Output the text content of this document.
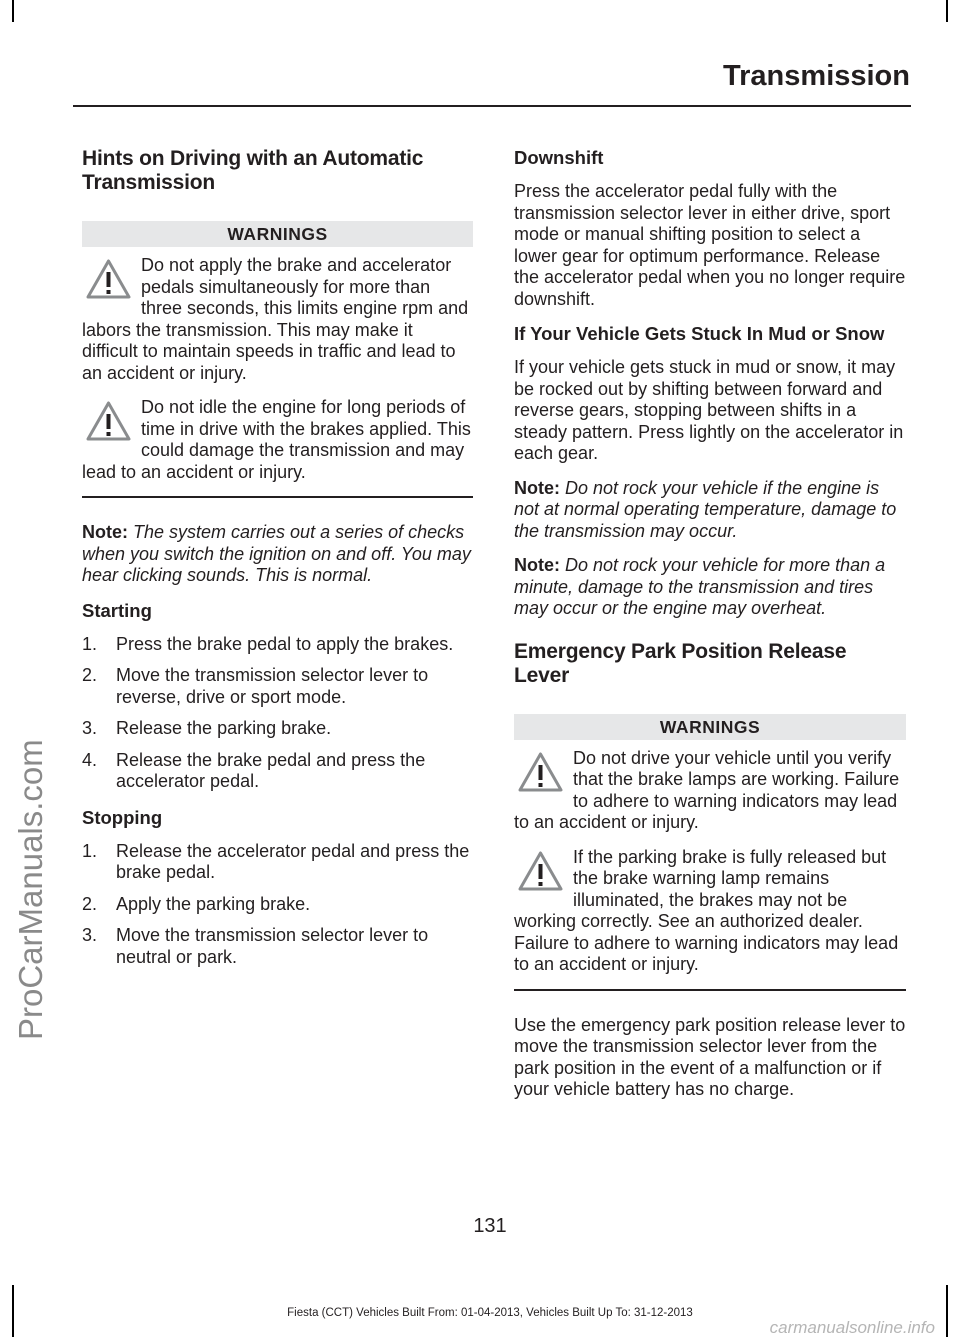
ProCarManuals.com
Transmission
Hints on Driving with an Automatic Transmission
WARNINGS
Do not apply the brake and accelerator pedals simultaneously for more than three seconds, this limits engine rpm and labors the transmission. This may make it difficult to maintain speeds in traffic and lead to an accident or injury.
Do not idle the engine for long periods of time in drive with the brakes applied. This could damage the transmission and may lead to an accident or injury.

Note: The system carries out a series of checks when you switch the ignition on and off. You may hear clicking sounds. This is normal.

Starting
1. Press the brake pedal to apply the brakes.
2. Move the transmission selector lever to reverse, drive or sport mode.
3. Release the parking brake.
4. Release the brake pedal and press the accelerator pedal.
Stopping
1. Release the accelerator pedal and press the brake pedal.
2. Apply the parking brake.
3. Move the transmission selector lever to neutral or park.
Downshift

Press the accelerator pedal fully with the transmission selector lever in either drive, sport mode or manual shifting position to select a lower gear for optimum performance. Release the accelerator pedal when you no longer require downshift.

If Your Vehicle Gets Stuck In Mud or Snow

If your vehicle gets stuck in mud or snow, it may be rocked out by shifting between forward and reverse gears, stopping between shifts in a steady pattern. Press lightly on the accelerator in each gear.

Note: Do not rock your vehicle if the engine is not at normal operating temperature, damage to the transmission may occur.

Note: Do not rock your vehicle for more than a minute, damage to the transmission and tires may occur or the engine may overheat.

Emergency Park Position Release Lever
WARNINGS
Do not drive your vehicle until you verify that the brake lamps are working. Failure to adhere to warning indicators may lead to an accident or injury.
If the parking brake is fully released but the brake warning lamp remains illuminated, the brakes may not be working correctly. See an authorized dealer. Failure to adhere to warning indicators may lead to an accident or injury.

Use the emergency park position release lever to move the transmission selector lever from the park position in the event of a malfunction or if your vehicle battery has no charge.

131
Fiesta (CCT) Vehicles Built From: 01-04-2013, Vehicles Built Up To: 31-12-2013
carmanualsonline.info
